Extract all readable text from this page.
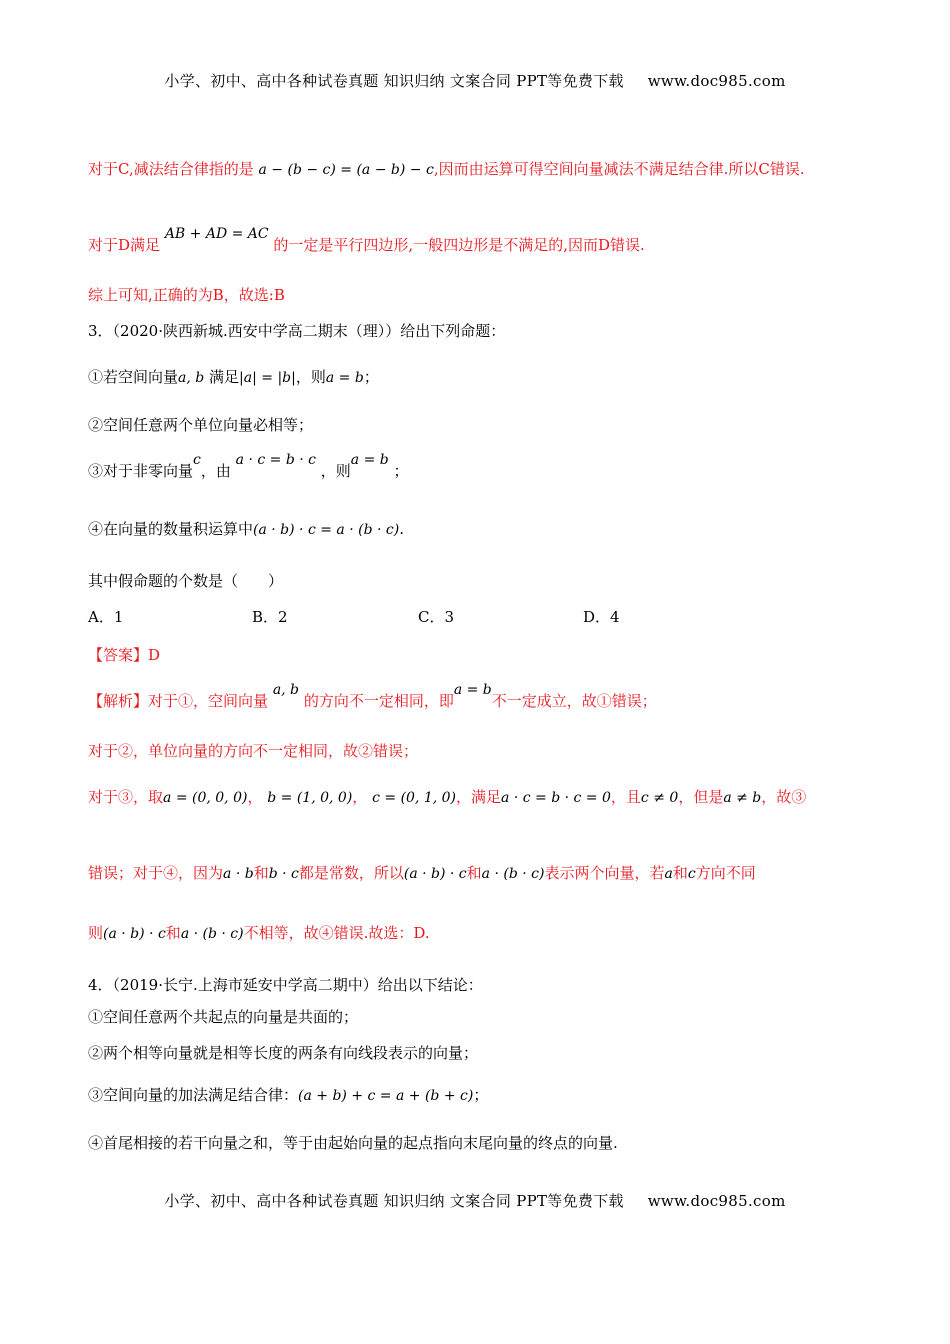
小学、初中、高中各种试卷真题 知识归纳 文案合同 PPT等免费下载 www.doc985.com
对于C,减法结合律指的是 a − (b − c) = (a − b) − c,因而由运算可得空间向量减法不满足结合律.所以C错误.
对于D满足 AB + AD = AC 的一定是平行四边形,一般四边形是不满足的,因而D错误.
综上可知,正确的为B，故选:B
3．（2020·陕西新城.西安中学高二期末（理））给出下列命题：
①若空间向量a, b 满足|a| = |b|，则a = b；
②空间任意两个单位向量必相等；
③对于非零向量c，由 a · c = b · c ，则a = b ；
④在向量的数量积运算中(a · b) · c = a · (b · c).
其中假命题的个数是（　　）
A．1	B．2	C．3	D．4
【答案】D
【解析】对于①，空间向量 a, b 的方向不一定相同，即a = b不一定成立，故①错误；
对于②，单位向量的方向不一定相同，故②错误；
对于③，取a = (0, 0, 0)， b = (1, 0, 0)， c = (0, 1, 0)，满足a · c = b · c = 0，且c ≠ 0，但是a ≠ b，故③
错误；对于④，因为a · b和b · c都是常数，所以(a · b) · c和a · (b · c)表示两个向量，若a和c方向不同
则(a · b) · c和a · (b · c)不相等，故④错误.故选：D.
4．（2019·长宁.上海市延安中学高二期中）给出以下结论：
①空间任意两个共起点的向量是共面的；
②两个相等向量就是相等长度的两条有向线段表示的向量；
③空间向量的加法满足结合律：(a + b) + c = a + (b + c)；
④首尾相接的若干向量之和，等于由起始向量的起点指向末尾向量的终点的向量.
小学、初中、高中各种试卷真题 知识归纳 文案合同 PPT等免费下载 www.doc985.com
